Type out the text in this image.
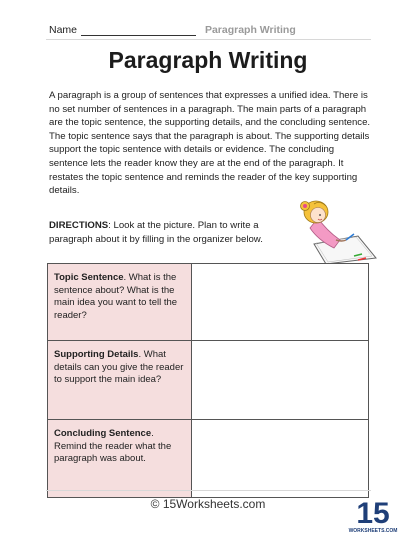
Name	Paragraph Writing
Paragraph Writing

A paragraph is a group of sentences that expresses a unified idea. There is no set number of sentences in a paragraph. The main parts of a paragraph are the topic sentence, the supporting details, and the concluding sentence. The topic sentence says that the paragraph is about. The supporting details support the topic sentence with details or evidence. The concluding sentence lets the reader know they are at the end of the paragraph. It restates the topic sentence and reminds the reader of the key supporting details.

DIRECTIONS: Look at the picture. Plan to write a paragraph about it by filling in the organizer below.

Topic Sentence. What is the sentence about? What is the main idea you want to tell the reader?	
Supporting Details. What details can you give the reader to support the main idea?	
Concluding Sentence. Remind the reader what the paragraph was about.	
© 15Worksheets.com	15
WORKSHEETS.COM
